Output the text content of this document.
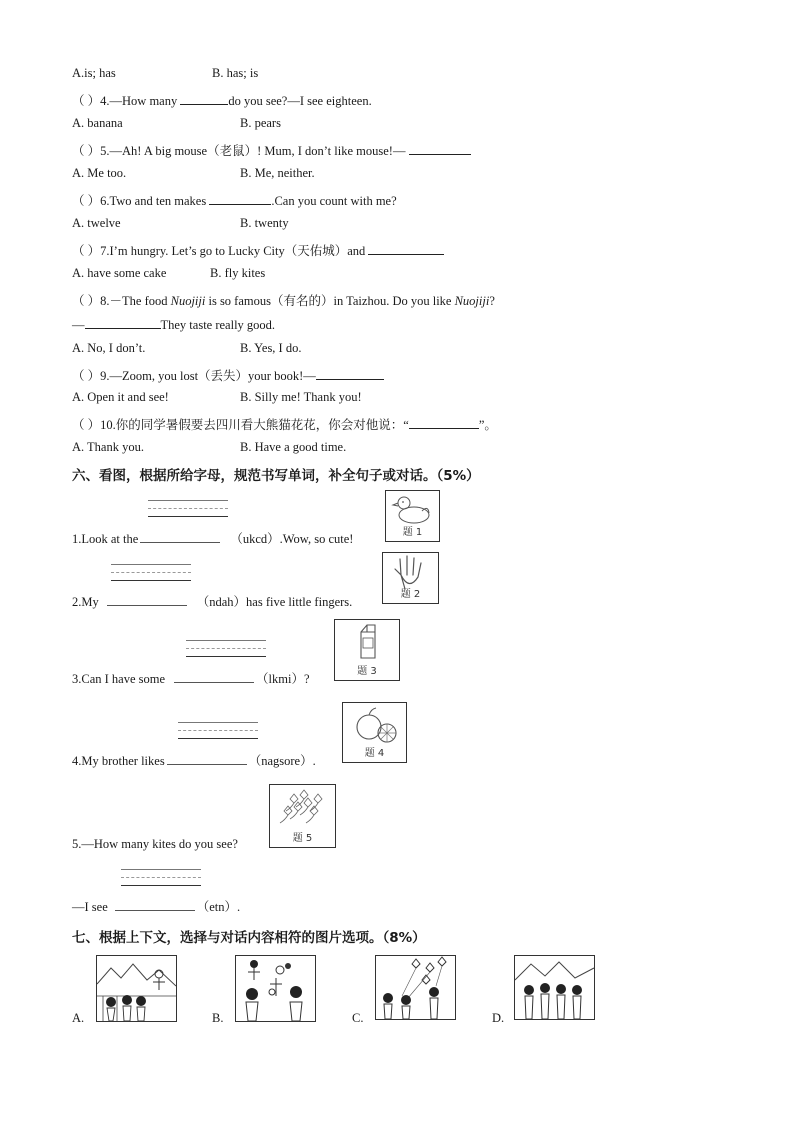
A.is; has	B. has; is
（ ）4.—How many	do you see?—I see eighteen.
A. banana	B. pears
（ ）5.—Ah! A big mouse（老鼠）! Mum, I don’t like mouse!—
A. Me too.	B. Me, neither.
（ ）6.Two and ten makes	.Can you count with me?
A. twelve	B. twenty
（ ）7.I’m hungry. Let’s go to Lucky City（天佑城）and
A. have some cake	B. fly kites
（ ）8.－The food Nuojiji is so famous（有名的）in Taizhou. Do you like Nuojiji?
—	They taste really good.
A. No, I don’t.	B. Yes, I do.
（ ）9.—Zoom, you lost（丢失）your book!—
A. Open it and see!	B. Silly me! Thank you!
（ ）10.你的同学暑假要去四川看大熊猫花花，你会对他说：“	”。
A. Thank you.	B. Have a good time.
六、看图，根据所给字母，规范书写单词，补全句子或对话。（5%）
1.Look at the	（ukcd）.Wow, so cute!	题 1
2.My	（ndah）has five little fingers.
题 2
3.Can I have some	（lkmi）?
题 3
4.My brother likes	（nagsore）.
题 4
5.—How many kites do you see?	题 5
—I see	（etn）.
七、根据上下文，选择与对话内容相符的图片选项。（8%）
A.	B.	C.	D.
